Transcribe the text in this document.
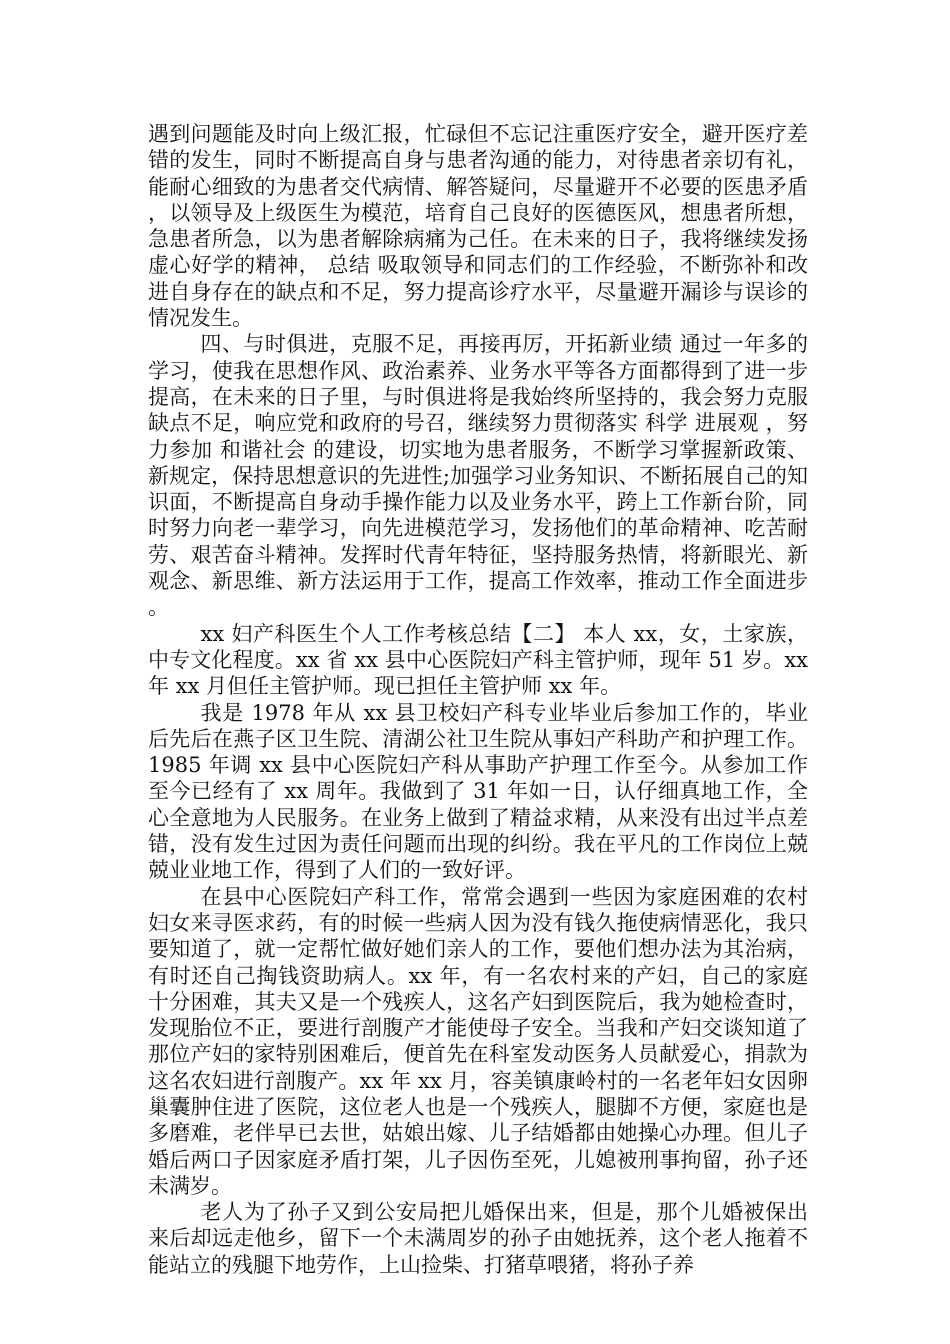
遇到问题能及时向上级汇报，忙碌但不忘记注重医疗安全，避开医疗差错的发生，同时不断提高自身与患者沟通的能力，对待患者亲切有礼，能耐心细致的为患者交代病情、解答疑问，尽量避开不必要的医患矛盾，以领导及上级医生为模范，培育自己良好的医德医风，想患者所想，急患者所急，以为患者解除病痛为己任。在未来的日子，我将继续发扬虚心好学的精神， 总结 吸取领导和同志们的工作经验，不断弥补和改进自身存在的缺点和不足，努力提高诊疗水平，尽量避开漏诊与误诊的情况发生。

四、与时俱进，克服不足，再接再厉，开拓新业绩 通过一年多的学习，使我在思想作风、政治素养、业务水平等各方面都得到了进一步提高，在未来的日子里，与时俱进将是我始终所坚持的，我会努力克服缺点不足，响应党和政府的号召，继续努力贯彻落实 科学 进展观 ，努力参加 和谐社会 的建设，切实地为患者服务，不断学习掌握新政策、新规定，保持思想意识的先进性;加强学习业务知识、不断拓展自己的知识面，不断提高自身动手操作能力以及业务水平，跨上工作新台阶，同时努力向老一辈学习，向先进模范学习，发扬他们的革命精神、吃苦耐劳、艰苦奋斗精神。发挥时代青年特征，坚持服务热情，将新眼光、新观念、新思维、新方法运用于工作，提高工作效率，推动工作全面进步。

xx 妇产科医生个人工作考核总结【二】 本人 xx，女，土家族，中专文化程度。xx 省 xx 县中心医院妇产科主管护师，现年 51 岁。xx 年 xx 月但任主管护师。现已担任主管护师 xx 年。

我是 1978 年从 xx 县卫校妇产科专业毕业后参加工作的，毕业后先后在燕子区卫生院、清湖公社卫生院从事妇产科助产和护理工作。1985 年调 xx 县中心医院妇产科从事助产护理工作至今。从参加工作至今已经有了 xx 周年。我做到了 31 年如一日，认仔细真地工作，全心全意地为人民服务。在业务上做到了精益求精，从来没有出过半点差错，没有发生过因为责任问题而出现的纠纷。我在平凡的工作岗位上兢兢业业地工作，得到了人们的一致好评。

在县中心医院妇产科工作，常常会遇到一些因为家庭困难的农村妇女来寻医求药，有的时候一些病人因为没有钱久拖使病情恶化，我只要知道了，就一定帮忙做好她们亲人的工作，要他们想办法为其治病，有时还自己掏钱资助病人。xx 年，有一名农村来的产妇，自己的家庭十分困难，其夫又是一个残疾人，这名产妇到医院后，我为她检查时，发现胎位不正，要进行剖腹产才能使母子安全。当我和产妇交谈知道了那位产妇的家特别困难后，便首先在科室发动医务人员献爱心，捐款为这名农妇进行剖腹产。xx 年 xx 月，容美镇康岭村的一名老年妇女因卵巢囊肿住进了医院，这位老人也是一个残疾人，腿脚不方便，家庭也是多磨难，老伴早已去世，姑娘出嫁、儿子结婚都由她操心办理。但儿子婚后两口子因家庭矛盾打架，儿子因伤至死，儿媳被刑事拘留，孙子还未满岁。

老人为了孙子又到公安局把儿婚保出来，但是，那个儿婚被保出来后却远走他乡，留下一个未满周岁的孙子由她抚养，这个老人拖着不能站立的残腿下地劳作，上山捡柴、打猪草喂猪，将孙子养
